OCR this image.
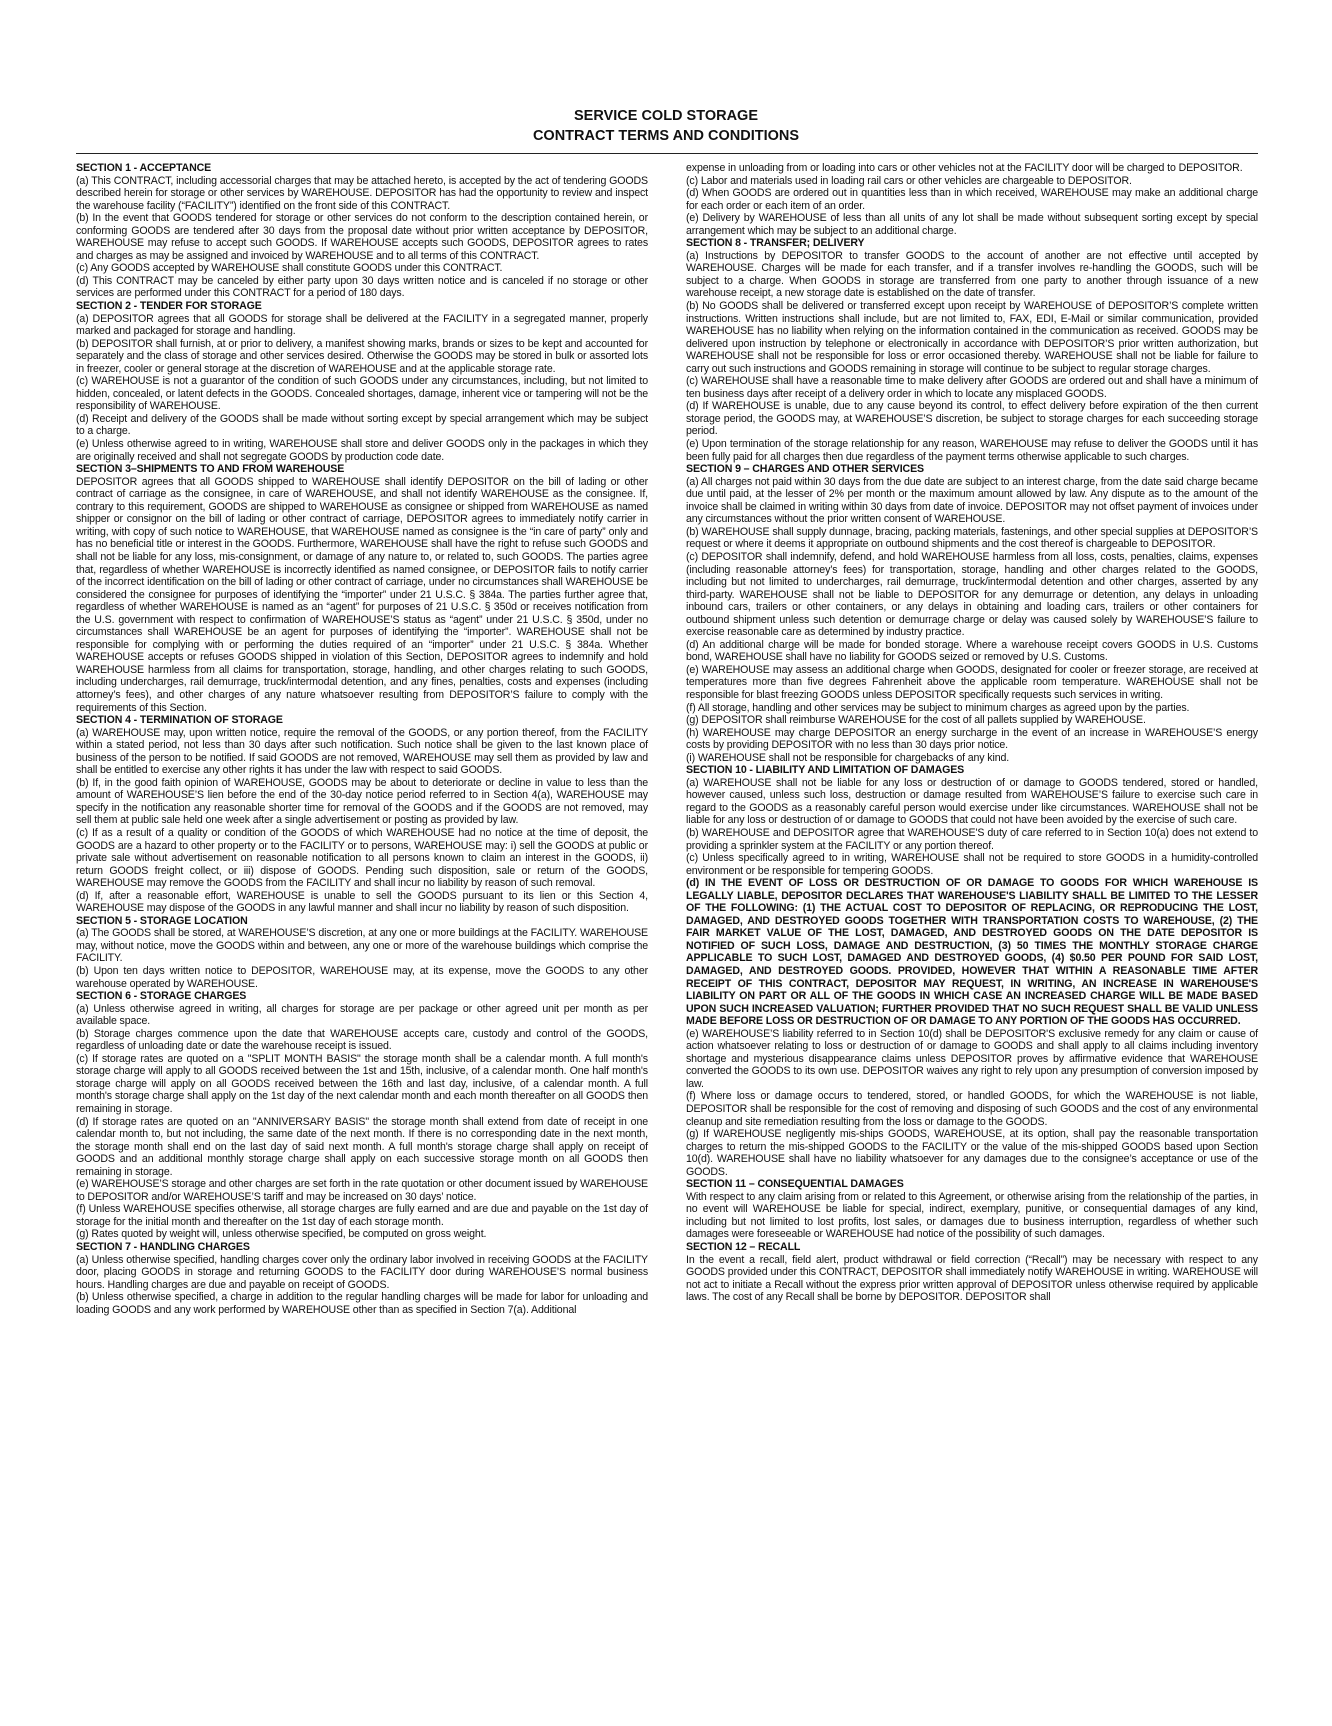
SERVICE COLD STORAGE
CONTRACT TERMS AND CONDITIONS

SECTION 1 - ACCEPTANCE

(a) This CONTRACT, including accessorial charges that may be attached hereto, is accepted by the act of tendering GOODS described herein for storage or other services by WAREHOUSE. DEPOSITOR has had the opportunity to review and inspect the warehouse facility (“FACILITY”) identified on the front side of this CONTRACT.

(b) In the event that GOODS tendered for storage or other services do not conform to the description contained herein, or conforming GOODS are tendered after 30 days from the proposal date without prior written acceptance by DEPOSITOR, WAREHOUSE may refuse to accept such GOODS. If WAREHOUSE accepts such GOODS, DEPOSITOR agrees to rates and charges as may be assigned and invoiced by WAREHOUSE and to all terms of this CONTRACT.

(c) Any GOODS accepted by WAREHOUSE shall constitute GOODS under this CONTRACT.

(d) This CONTRACT may be canceled by either party upon 30 days written notice and is canceled if no storage or other services are performed under this CONTRACT for a period of 180 days.

SECTION 2 - TENDER FOR STORAGE

(a) DEPOSITOR agrees that all GOODS for storage shall be delivered at the FACILITY in a segregated manner, properly marked and packaged for storage and handling.

(b) DEPOSITOR shall furnish, at or prior to delivery, a manifest showing marks, brands or sizes to be kept and accounted for separately and the class of storage and other services desired. Otherwise the GOODS may be stored in bulk or assorted lots in freezer, cooler or general storage at the discretion of WAREHOUSE and at the applicable storage rate.

(c) WAREHOUSE is not a guarantor of the condition of such GOODS under any circumstances, including, but not limited to hidden, concealed, or latent defects in the GOODS. Concealed shortages, damage, inherent vice or tampering will not be the responsibility of WAREHOUSE.

(d) Receipt and delivery of the GOODS shall be made without sorting except by special arrangement which may be subject to a charge.

(e) Unless otherwise agreed to in writing, WAREHOUSE shall store and deliver GOODS only in the packages in which they are originally received and shall not segregate GOODS by production code date.

SECTION 3–SHIPMENTS TO AND FROM WAREHOUSE

DEPOSITOR agrees that all GOODS shipped to WAREHOUSE shall identify DEPOSITOR on the bill of lading or other contract of carriage as the consignee, in care of WAREHOUSE, and shall not identify WAREHOUSE as the consignee. If, contrary to this requirement, GOODS are shipped to WAREHOUSE as consignee or shipped from WAREHOUSE as named shipper or consignor on the bill of lading or other contract of carriage, DEPOSITOR agrees to immediately notify carrier in writing, with copy of such notice to WAREHOUSE, that WAREHOUSE named as consignee is the “in care of party” only and has no beneficial title or interest in the GOODS. Furthermore, WAREHOUSE shall have the right to refuse such GOODS and shall not be liable for any loss, mis-consignment, or damage of any nature to, or related to, such GOODS. The parties agree that, regardless of whether WAREHOUSE is incorrectly identified as named consignee, or DEPOSITOR fails to notify carrier of the incorrect identification on the bill of lading or other contract of carriage, under no circumstances shall WAREHOUSE be considered the consignee for purposes of identifying the “importer” under 21 U.S.C. § 384a. The parties further agree that, regardless of whether WAREHOUSE is named as an “agent” for purposes of 21 U.S.C. § 350d or receives notification from the U.S. government with respect to confirmation of WAREHOUSE’S status as “agent” under 21 U.S.C. § 350d, under no circumstances shall WAREHOUSE be an agent for purposes of identifying the “importer”. WAREHOUSE shall not be responsible for complying with or performing the duties required of an “importer” under 21 U.S.C. § 384a. Whether WAREHOUSE accepts or refuses GOODS shipped in violation of this Section, DEPOSITOR agrees to indemnify and hold WAREHOUSE harmless from all claims for transportation, storage, handling, and other charges relating to such GOODS, including undercharges, rail demurrage, truck/intermodal detention, and any fines, penalties, costs and expenses (including attorney’s fees), and other charges of any nature whatsoever resulting from DEPOSITOR’S failure to comply with the requirements of this Section.

SECTION 4 - TERMINATION OF STORAGE

(a) WAREHOUSE may, upon written notice, require the removal of the GOODS, or any portion thereof, from the FACILITY within a stated period, not less than 30 days after such notification. Such notice shall be given to the last known place of business of the person to be notified. If said GOODS are not removed, WAREHOUSE may sell them as provided by law and shall be entitled to exercise any other rights it has under the law with respect to said GOODS.

(b) If, in the good faith opinion of WAREHOUSE, GOODS may be about to deteriorate or decline in value to less than the amount of WAREHOUSE’S lien before the end of the 30-day notice period referred to in Section 4(a), WAREHOUSE may specify in the notification any reasonable shorter time for removal of the GOODS and if the GOODS are not removed, may sell them at public sale held one week after a single advertisement or posting as provided by law.

(c) If as a result of a quality or condition of the GOODS of which WAREHOUSE had no notice at the time of deposit, the GOODS are a hazard to other property or to the FACILITY or to persons, WAREHOUSE may: i) sell the GOODS at public or private sale without advertisement on reasonable notification to all persons known to claim an interest in the GOODS, ii) return GOODS freight collect, or iii) dispose of GOODS. Pending such disposition, sale or return of the GOODS, WAREHOUSE may remove the GOODS from the FACILITY and shall incur no liability by reason of such removal.

(d) If, after a reasonable effort, WAREHOUSE is unable to sell the GOODS pursuant to its lien or this Section 4, WAREHOUSE may dispose of the GOODS in any lawful manner and shall incur no liability by reason of such disposition.

SECTION 5 - STORAGE LOCATION

(a) The GOODS shall be stored, at WAREHOUSE’S discretion, at any one or more buildings at the FACILITY. WAREHOUSE may, without notice, move the GOODS within and between, any one or more of the warehouse buildings which comprise the FACILITY.

(b) Upon ten days written notice to DEPOSITOR, WAREHOUSE may, at its expense, move the GOODS to any other warehouse operated by WAREHOUSE.

SECTION 6 - STORAGE CHARGES

(a) Unless otherwise agreed in writing, all charges for storage are per package or other agreed unit per month as per available space.

(b) Storage charges commence upon the date that WAREHOUSE accepts care, custody and control of the GOODS, regardless of unloading date or date the warehouse receipt is issued.

(c) If storage rates are quoted on a "SPLIT MONTH BASIS" the storage month shall be a calendar month. A full month's storage charge will apply to all GOODS received between the 1st and 15th, inclusive, of a calendar month. One half month's storage charge will apply on all GOODS received between the 16th and last day, inclusive, of a calendar month. A full month's storage charge shall apply on the 1st day of the next calendar month and each month thereafter on all GOODS then remaining in storage.

(d) If storage rates are quoted on an "ANNIVERSARY BASIS" the storage month shall extend from date of receipt in one calendar month to, but not including, the same date of the next month. If there is no corresponding date in the next month, the storage month shall end on the last day of said next month. A full month's storage charge shall apply on receipt of GOODS and an additional monthly storage charge shall apply on each successive storage month on all GOODS then remaining in storage.

(e) WAREHOUSE’S storage and other charges are set forth in the rate quotation or other document issued by WAREHOUSE to DEPOSITOR and/or WAREHOUSE’S tariff and may be increased on 30 days’ notice.

(f) Unless WAREHOUSE specifies otherwise, all storage charges are fully earned and are due and payable on the 1st day of storage for the initial month and thereafter on the 1st day of each storage month.

(g) Rates quoted by weight will, unless otherwise specified, be computed on gross weight.

SECTION 7 - HANDLING CHARGES

(a) Unless otherwise specified, handling charges cover only the ordinary labor involved in receiving GOODS at the FACILITY door, placing GOODS in storage and returning GOODS to the FACILITY door during WAREHOUSE’S normal business hours. Handling charges are due and payable on receipt of GOODS.

(b) Unless otherwise specified, a charge in addition to the regular handling charges will be made for labor for unloading and loading GOODS and any work performed by WAREHOUSE other than as specified in Section 7(a). Additional

expense in unloading from or loading into cars or other vehicles not at the FACILITY door will be charged to DEPOSITOR.

(c) Labor and materials used in loading rail cars or other vehicles are chargeable to DEPOSITOR.

(d) When GOODS are ordered out in quantities less than in which received, WAREHOUSE may make an additional charge for each order or each item of an order.

(e) Delivery by WAREHOUSE of less than all units of any lot shall be made without subsequent sorting except by special arrangement which may be subject to an additional charge.

SECTION 8 - TRANSFER; DELIVERY

(a) Instructions by DEPOSITOR to transfer GOODS to the account of another are not effective until accepted by WAREHOUSE. Charges will be made for each transfer, and if a transfer involves re-handling the GOODS, such will be subject to a charge. When GOODS in storage are transferred from one party to another through issuance of a new warehouse receipt, a new storage date is established on the date of transfer.

(b) No GOODS shall be delivered or transferred except upon receipt by WAREHOUSE of DEPOSITOR’S complete written instructions. Written instructions shall include, but are not limited to, FAX, EDI, E-Mail or similar communication, provided WAREHOUSE has no liability when relying on the information contained in the communication as received. GOODS may be delivered upon instruction by telephone or electronically in accordance with DEPOSITOR’S prior written authorization, but WAREHOUSE shall not be responsible for loss or error occasioned thereby. WAREHOUSE shall not be liable for failure to carry out such instructions and GOODS remaining in storage will continue to be subject to regular storage charges.

(c) WAREHOUSE shall have a reasonable time to make delivery after GOODS are ordered out and shall have a minimum of ten business days after receipt of a delivery order in which to locate any misplaced GOODS.

(d) If WAREHOUSE is unable, due to any cause beyond its control, to effect delivery before expiration of the then current storage period, the GOODS may, at WAREHOUSE’S discretion, be subject to storage charges for each succeeding storage period.

(e) Upon termination of the storage relationship for any reason, WAREHOUSE may refuse to deliver the GOODS until it has been fully paid for all charges then due regardless of the payment terms otherwise applicable to such charges.

SECTION 9 – CHARGES AND OTHER SERVICES

(a) All charges not paid within 30 days from the due date are subject to an interest charge, from the date said charge became due until paid, at the lesser of 2% per month or the maximum amount allowed by law. Any dispute as to the amount of the invoice shall be claimed in writing within 30 days from date of invoice. DEPOSITOR may not offset payment of invoices under any circumstances without the prior written consent of WAREHOUSE.

(b) WAREHOUSE shall supply dunnage, bracing, packing materials, fastenings, and other special supplies at DEPOSITOR’S request or where it deems it appropriate on outbound shipments and the cost thereof is chargeable to DEPOSITOR.

(c) DEPOSITOR shall indemnify, defend, and hold WAREHOUSE harmless from all loss, costs, penalties, claims, expenses (including reasonable attorney’s fees) for transportation, storage, handling and other charges related to the GOODS, including but not limited to undercharges, rail demurrage, truck/intermodal detention and other charges, asserted by any third-party. WAREHOUSE shall not be liable to DEPOSITOR for any demurrage or detention, any delays in unloading inbound cars, trailers or other containers, or any delays in obtaining and loading cars, trailers or other containers for outbound shipment unless such detention or demurrage charge or delay was caused solely by WAREHOUSE’S failure to exercise reasonable care as determined by industry practice.

(d) An additional charge will be made for bonded storage. Where a warehouse receipt covers GOODS in U.S. Customs bond, WAREHOUSE shall have no liability for GOODS seized or removed by U.S. Customs.

(e) WAREHOUSE may assess an additional charge when GOODS, designated for cooler or freezer storage, are received at temperatures more than five degrees Fahrenheit above the applicable room temperature. WAREHOUSE shall not be responsible for blast freezing GOODS unless DEPOSITOR specifically requests such services in writing.

(f) All storage, handling and other services may be subject to minimum charges as agreed upon by the parties.

(g) DEPOSITOR shall reimburse WAREHOUSE for the cost of all pallets supplied by WAREHOUSE.

(h) WAREHOUSE may charge DEPOSITOR an energy surcharge in the event of an increase in WAREHOUSE’S energy costs by providing DEPOSITOR with no less than 30 days prior notice.

(i) WAREHOUSE shall not be responsible for chargebacks of any kind.

SECTION 10 - LIABILITY AND LIMITATION OF DAMAGES

(a) WAREHOUSE shall not be liable for any loss or destruction of or damage to GOODS tendered, stored or handled, however caused, unless such loss, destruction or damage resulted from WAREHOUSE’S failure to exercise such care in regard to the GOODS as a reasonably careful person would exercise under like circumstances. WAREHOUSE shall not be liable for any loss or destruction of or damage to GOODS that could not have been avoided by the exercise of such care.

(b) WAREHOUSE and DEPOSITOR agree that WAREHOUSE'S duty of care referred to in Section 10(a) does not extend to providing a sprinkler system at the FACILITY or any portion thereof.

(c) Unless specifically agreed to in writing, WAREHOUSE shall not be required to store GOODS in a humidity-controlled environment or be responsible for tempering GOODS.

(d) IN THE EVENT OF LOSS OR DESTRUCTION OF OR DAMAGE TO GOODS FOR WHICH WAREHOUSE IS LEGALLY LIABLE, DEPOSITOR DECLARES THAT WAREHOUSE'S LIABILITY SHALL BE LIMITED TO THE LESSER OF THE FOLLOWING: (1) THE ACTUAL COST TO DEPOSITOR OF REPLACING, OR REPRODUCING THE LOST, DAMAGED, AND DESTROYED GOODS TOGETHER WITH TRANSPORTATION COSTS TO WAREHOUSE, (2) THE FAIR MARKET VALUE OF THE LOST, DAMAGED, AND DESTROYED GOODS ON THE DATE DEPOSITOR IS NOTIFIED OF SUCH LOSS, DAMAGE AND DESTRUCTION, (3) 50 TIMES THE MONTHLY STORAGE CHARGE APPLICABLE TO SUCH LOST, DAMAGED AND DESTROYED GOODS, (4) $0.50 PER POUND FOR SAID LOST, DAMAGED, AND DESTROYED GOODS. PROVIDED, HOWEVER THAT WITHIN A REASONABLE TIME AFTER RECEIPT OF THIS CONTRACT, DEPOSITOR MAY REQUEST, IN WRITING, AN INCREASE IN WAREHOUSE'S LIABILITY ON PART OR ALL OF THE GOODS IN WHICH CASE AN INCREASED CHARGE WILL BE MADE BASED UPON SUCH INCREASED VALUATION; FURTHER PROVIDED THAT NO SUCH REQUEST SHALL BE VALID UNLESS MADE BEFORE LOSS OR DESTRUCTION OF OR DAMAGE TO ANY PORTION OF THE GOODS HAS OCCURRED.

(e) WAREHOUSE’S liability referred to in Section 10(d) shall be DEPOSITOR'S exclusive remedy for any claim or cause of action whatsoever relating to loss or destruction of or damage to GOODS and shall apply to all claims including inventory shortage and mysterious disappearance claims unless DEPOSITOR proves by affirmative evidence that WAREHOUSE converted the GOODS to its own use. DEPOSITOR waives any right to rely upon any presumption of conversion imposed by law.

(f) Where loss or damage occurs to tendered, stored, or handled GOODS, for which the WAREHOUSE is not liable, DEPOSITOR shall be responsible for the cost of removing and disposing of such GOODS and the cost of any environmental cleanup and site remediation resulting from the loss or damage to the GOODS.

(g) If WAREHOUSE negligently mis-ships GOODS, WAREHOUSE, at its option, shall pay the reasonable transportation charges to return the mis-shipped GOODS to the FACILITY or the value of the mis-shipped GOODS based upon Section 10(d). WAREHOUSE shall have no liability whatsoever for any damages due to the consignee’s acceptance or use of the GOODS.

SECTION 11 – CONSEQUENTIAL DAMAGES

With respect to any claim arising from or related to this Agreement, or otherwise arising from the relationship of the parties, in no event will WAREHOUSE be liable for special, indirect, exemplary, punitive, or consequential damages of any kind, including but not limited to lost profits, lost sales, or damages due to business interruption, regardless of whether such damages were foreseeable or WAREHOUSE had notice of the possibility of such damages.

SECTION 12 – RECALL

In the event a recall, field alert, product withdrawal or field correction (“Recall”) may be necessary with respect to any GOODS provided under this CONTRACT, DEPOSITOR shall immediately notify WAREHOUSE in writing. WAREHOUSE will not act to initiate a Recall without the express prior written approval of DEPOSITOR unless otherwise required by applicable laws. The cost of any Recall shall be borne by DEPOSITOR. DEPOSITOR shall
